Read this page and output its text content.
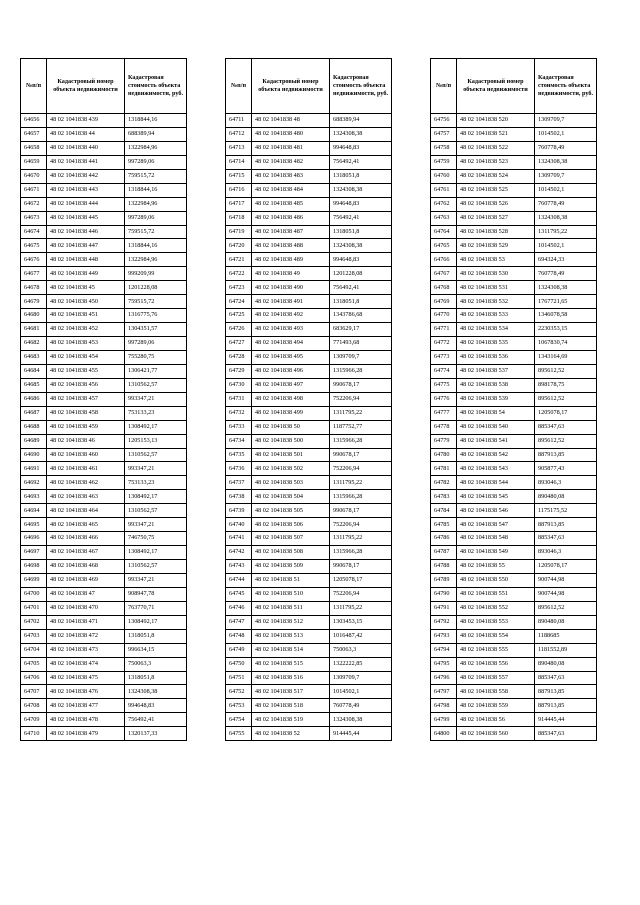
№п/п	Кадастровый номер объекта недвижимости	Кадастровая стоимость объекта недвижимости, руб.
64656	48 02 1041838 439	1318844,16
64657	48 02 1041838 44	688389,94
64658	48 02 1041838 440	1322984,96
64659	48 02 1041838 441	997289,06
64670	48 02 1041838 442	759515,72
64671	48 02 1041838 443	1318844,16
64672	48 02 1041838 444	1322984,96
64673	48 02 1041838 445	997289,06
64674	48 02 1041838 446	759515,72
64675	48 02 1041838 447	1318844,16
64676	48 02 1041838 448	1322984,96
64677	48 02 1041838 449	999209,99
64678	48 02 1041838 45	1201228,08
64679	48 02 1041838 450	759515,72
64680	48 02 1041838 451	1316775,76
64681	48 02 1041838 452	1304351,57
64682	48 02 1041838 453	997289,06
64683	48 02 1041838 454	755280,75
64684	48 02 1041838 455	1306421,77
64685	48 02 1041838 456	1310562,57
64686	48 02 1041838 457	993347,21
64687	48 02 1041838 458	753133,23
64688	48 02 1041838 459	1308492,17
64689	48 02 1041838 46	1205153,13
64690	48 02 1041838 460	1310562,57
64691	48 02 1041838 461	993347,21
64692	48 02 1041838 462	753133,23
64693	48 02 1041838 463	1308492,17
64694	48 02 1041838 464	1310562,57
64695	48 02 1041838 465	993347,21
64696	48 02 1041838 466	746750,75
64697	48 02 1041838 467	1308492,17
64698	48 02 1041838 468	1310562,57
64699	48 02 1041838 469	993347,21
64700	48 02 1041838 47	908947,78
64701	48 02 1041838 470	763770,71
64702	48 02 1041838 471	1308492,17
64703	48 02 1041838 472	1318051,8
64704	48 02 1041838 473	996634,15
64705	48 02 1041838 474	750063,3
64706	48 02 1041838 475	1318051,8
64707	48 02 1041838 476	1324308,38
64708	48 02 1041838 477	994648,83
64709	48 02 1041838 478	756492,41
64710	48 02 1041838 479	1320137,33
№п/п	Кадастровый номер объекта недвижимости	Кадастровая стоимость объекта недвижимости, руб.
64711	48 02 1041838 48	688389,94
64712	48 02 1041838 480	1324308,38
64713	48 02 1041838 481	994648,83
64714	48 02 1041838 482	756492,41
64715	48 02 1041838 483	1318051,8
64716	48 02 1041838 484	1324308,38
64717	48 02 1041838 485	994648,83
64718	48 02 1041838 486	756492,41
64719	48 02 1041838 487	1318051,8
64720	48 02 1041838 488	1324308,38
64721	48 02 1041838 489	994648,83
64722	48 02 1041838 49	1201228,08
64723	48 02 1041838 490	756492,41
64724	48 02 1041838 491	1318051,8
64725	48 02 1041838 492	1343786,68
64726	48 02 1041838 493	683629,17
64727	48 02 1041838 494	771493,68
64728	48 02 1041838 495	1309709,7
64729	48 02 1041838 496	1315966,28
64730	48 02 1041838 497	990678,17
64731	48 02 1041838 498	752206,94
64732	48 02 1041838 499	1311795,22
64733	48 02 1041838 50	1187752,77
64734	48 02 1041838 500	1315966,28
64735	48 02 1041838 501	990678,17
64736	48 02 1041838 502	752206,94
64737	48 02 1041838 503	1311795,22
64738	48 02 1041838 504	1315966,28
64739	48 02 1041838 505	990678,17
64740	48 02 1041838 506	752206,94
64741	48 02 1041838 507	1311795,22
64742	48 02 1041838 508	1315966,28
64743	48 02 1041838 509	990678,17
64744	48 02 1041838 51	1205078,17
64745	48 02 1041838 510	752206,94
64746	48 02 1041838 511	1311795,22
64747	48 02 1041838 512	1303453,15
64748	48 02 1041838 513	1016487,42
64749	48 02 1041838 514	750063,3
64750	48 02 1041838 515	1322222,85
64751	48 02 1041838 516	1309709,7
64752	48 02 1041838 517	1014502,1
64753	48 02 1041838 518	760778,49
64754	48 02 1041838 519	1324308,38
64755	48 02 1041838 52	914445,44
№п/п	Кадастровый номер объекта недвижимости	Кадастровая стоимость объекта недвижимости, руб.
64756	48 02 1041838 520	1309709,7
64757	48 02 1041838 521	1014502,1
64758	48 02 1041838 522	760778,49
64759	48 02 1041838 523	1324308,38
64760	48 02 1041838 524	1309709,7
64761	48 02 1041838 525	1014502,1
64762	48 02 1041838 526	760778,49
64763	48 02 1041838 527	1324308,38
64764	48 02 1041838 528	1311795,22
64765	48 02 1041838 529	1014502,1
64766	48 02 1041838 53	694324,33
64767	48 02 1041838 530	760778,49
64768	48 02 1041838 531	1324308,38
64769	48 02 1041838 532	1767721,65
64770	48 02 1041838 533	1346078,58
64771	48 02 1041838 534	2230353,15
64772	48 02 1041838 535	1067830,74
64773	48 02 1041838 536	1343164,69
64774	48 02 1041838 537	895612,52
64775	48 02 1041838 538	898178,75
64776	48 02 1041838 539	895612,52
64777	48 02 1041838 54	1205078,17
64778	48 02 1041838 540	885347,63
64779	48 02 1041838 541	895612,52
64780	48 02 1041838 542	887913,85
64781	48 02 1041838 543	905877,43
64782	48 02 1041838 544	893046,3
64783	48 02 1041838 545	890480,08
64784	48 02 1041838 546	1175175,52
64785	48 02 1041838 547	887913,85
64786	48 02 1041838 548	885347,63
64787	48 02 1041838 549	893046,3
64788	48 02 1041838 55	1205078,17
64789	48 02 1041838 550	900744,98
64790	48 02 1041838 551	900744,98
64791	48 02 1041838 552	895612,52
64792	48 02 1041838 553	890480,08
64793	48 02 1041838 554	1188685
64794	48 02 1041838 555	1181552,89
64795	48 02 1041838 556	890480,08
64796	48 02 1041838 557	885347,63
64797	48 02 1041838 558	887913,85
64798	48 02 1041838 559	887913,85
64799	48 02 1041838 56	914445,44
64800	48 02 1041838 560	885347,63
